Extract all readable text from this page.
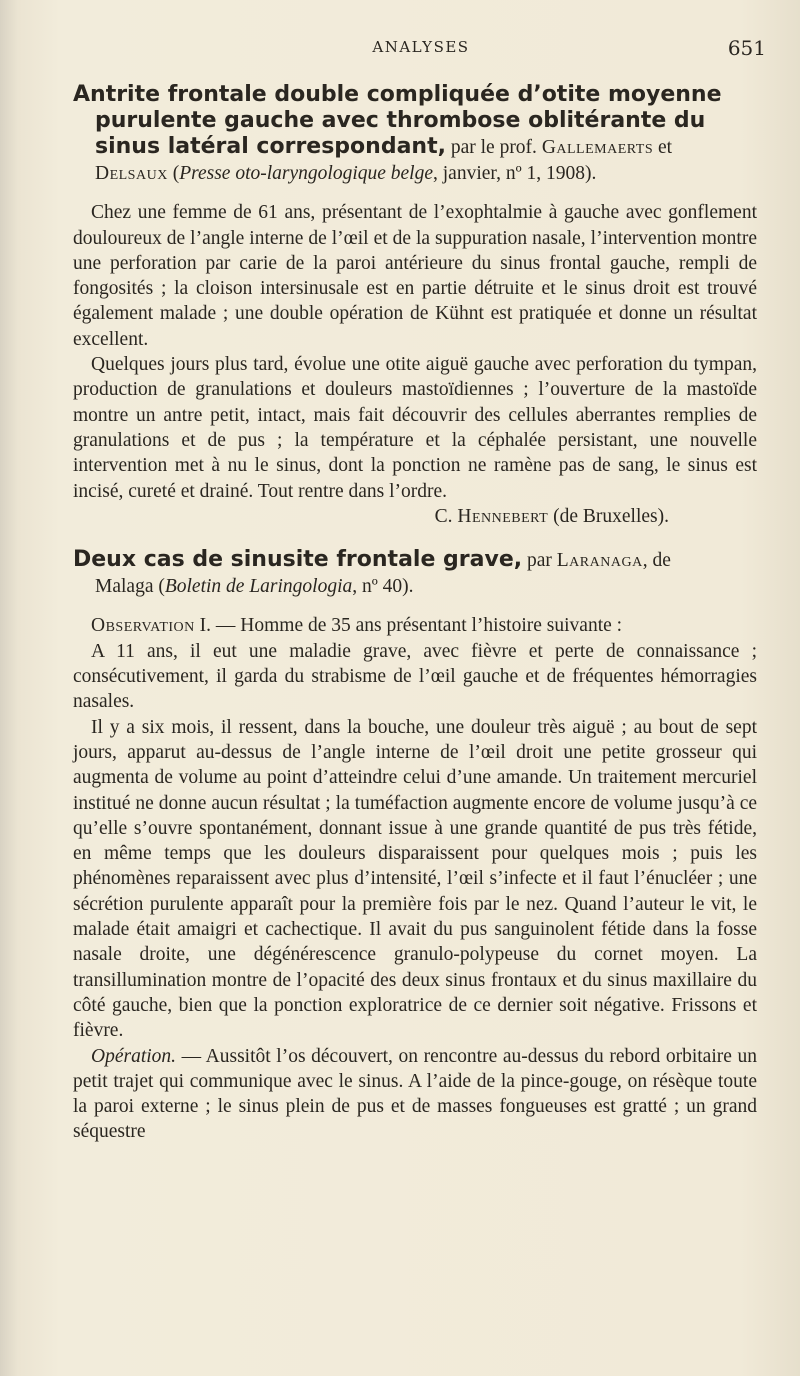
ANALYSES	651
Antrite frontale double compliquée d’otite moyenne
purulente gauche avec thrombose oblitérante du
sinus latéral correspondant, par le prof. Gallemaerts et
Delsaux (Presse oto-laryngologique belge, janvier, nº 1, 1908).

Chez une femme de 61 ans, présentant de l’exophtalmie à gauche avec gonflement douloureux de l’angle interne de l’œil et de la suppuration nasale, l’intervention montre une perforation par carie de la paroi antérieure du sinus frontal gauche, rempli de fongosités ; la cloison intersinusale est en partie détruite et le sinus droit est trouvé également malade ; une double opération de Kühnt est pratiquée et donne un résultat excellent.

Quelques jours plus tard, évolue une otite aiguë gauche avec perforation du tympan, production de granulations et douleurs mastoïdiennes ; l’ouverture de la mastoïde montre un antre petit, intact, mais fait découvrir des cellules aberrantes remplies de granulations et de pus ; la température et la céphalée persistant, une nouvelle intervention met à nu le sinus, dont la ponction ne ramène pas de sang, le sinus est incisé, cureté et drainé. Tout rentre dans l’ordre.

C. Hennebert (de Bruxelles).

Deux cas de sinusite frontale grave, par Laranaga, de
Malaga (Boletin de Laringologia, nº 40).

Observation I. — Homme de 35 ans présentant l’histoire suivante :

A 11 ans, il eut une maladie grave, avec fièvre et perte de connaissance ; consécutivement, il garda du strabisme de l’œil gauche et de fréquentes hémorragies nasales.

Il y a six mois, il ressent, dans la bouche, une douleur très aiguë ; au bout de sept jours, apparut au-dessus de l’angle interne de l’œil droit une petite grosseur qui augmenta de volume au point d’atteindre celui d’une amande. Un traitement mercuriel institué ne donne aucun résultat ; la tuméfaction augmente encore de volume jusqu’à ce qu’elle s’ouvre spontanément, donnant issue à une grande quantité de pus très fétide, en même temps que les douleurs disparaissent pour quelques mois ; puis les phénomènes reparaissent avec plus d’intensité, l’œil s’infecte et il faut l’énucléer ; une sécrétion purulente apparaît pour la première fois par le nez. Quand l’auteur le vit, le malade était amaigri et cachectique. Il avait du pus sanguinolent fétide dans la fosse nasale droite, une dégénérescence granulo-polypeuse du cornet moyen. La transillumination montre de l’opacité des deux sinus frontaux et du sinus maxillaire du côté gauche, bien que la ponction exploratrice de ce dernier soit négative. Frissons et fièvre.

Opération. — Aussitôt l’os découvert, on rencontre au-dessus du rebord orbitaire un petit trajet qui communique avec le sinus. A l’aide de la pince-gouge, on résèque toute la paroi externe ; le sinus plein de pus et de masses fongueuses est gratté ; un grand séquestre
